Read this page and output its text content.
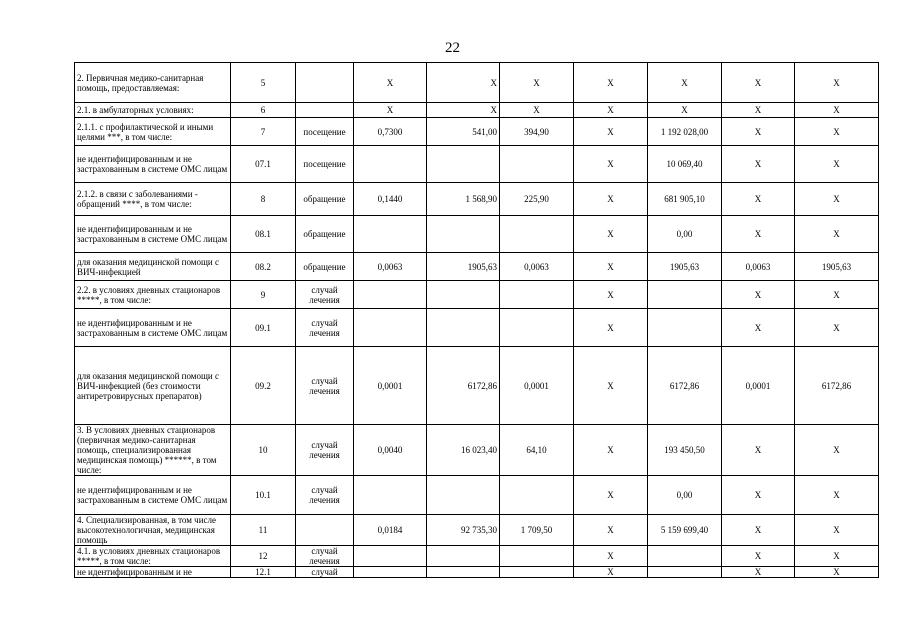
22
2. Первичная медико-санитарная помощь, предоставляемая:	5		X	X	X	X	X	X	X
2.1. в амбулаторных условиях:	6		X	X	X	X	X	X	X
2.1.1. с профилактической и иными целями ***, в том числе:	7	посещение	0,7300	541,00	394,90	X	1 192 028,00	X	X
не идентифицированным и не застрахованным в системе ОМС лицам	07.1	посещение				X	10 069,40	X	X
2.1.2. в связи с заболеваниями - обращений ****, в том числе:	8	обращение	0,1440	1 568,90	225,90	X	681 905,10	X	X
не идентифицированным и не застрахованным в системе ОМС лицам	08.1	обращение				X	0,00	X	X
для оказания медицинской помощи с ВИЧ-инфекцией	08.2	обращение	0,0063	1905,63	0,0063	X	1905,63	0,0063	1905,63
2.2. в условиях дневных стационаров *****, в том числе:	9	случай лечения				X		X	X
не идентифицированным и не застрахованным в системе ОМС лицам	09.1	случай лечения				X		X	X
для оказания медицинской помощи с ВИЧ-инфекцией (без стоимости антиретровирусных препаратов)	09.2	случай лечения	0,0001	6172,86	0,0001	X	6172,86	0,0001	6172,86
3. В условиях дневных стационаров (первичная медико-санитарная помощь, специализированная медицинская помощь) ******, в том числе:	10	случай лечения	0,0040	16 023,40	64,10	X	193 450,50	X	X
не идентифицированным и не застрахованным в системе ОМС лицам	10.1	случай лечения				X	0,00	X	X
4. Специализированная, в том числе высокотехнологичная, медицинская помощь	11		0,0184	92 735,30	1 709,50	X	5 159 699,40	X	X
4.1. в условиях дневных стационаров *****, в том числе:	12	случай лечения				X		X	X
не идентифицированным и не	12.1	случай				X		X	X
